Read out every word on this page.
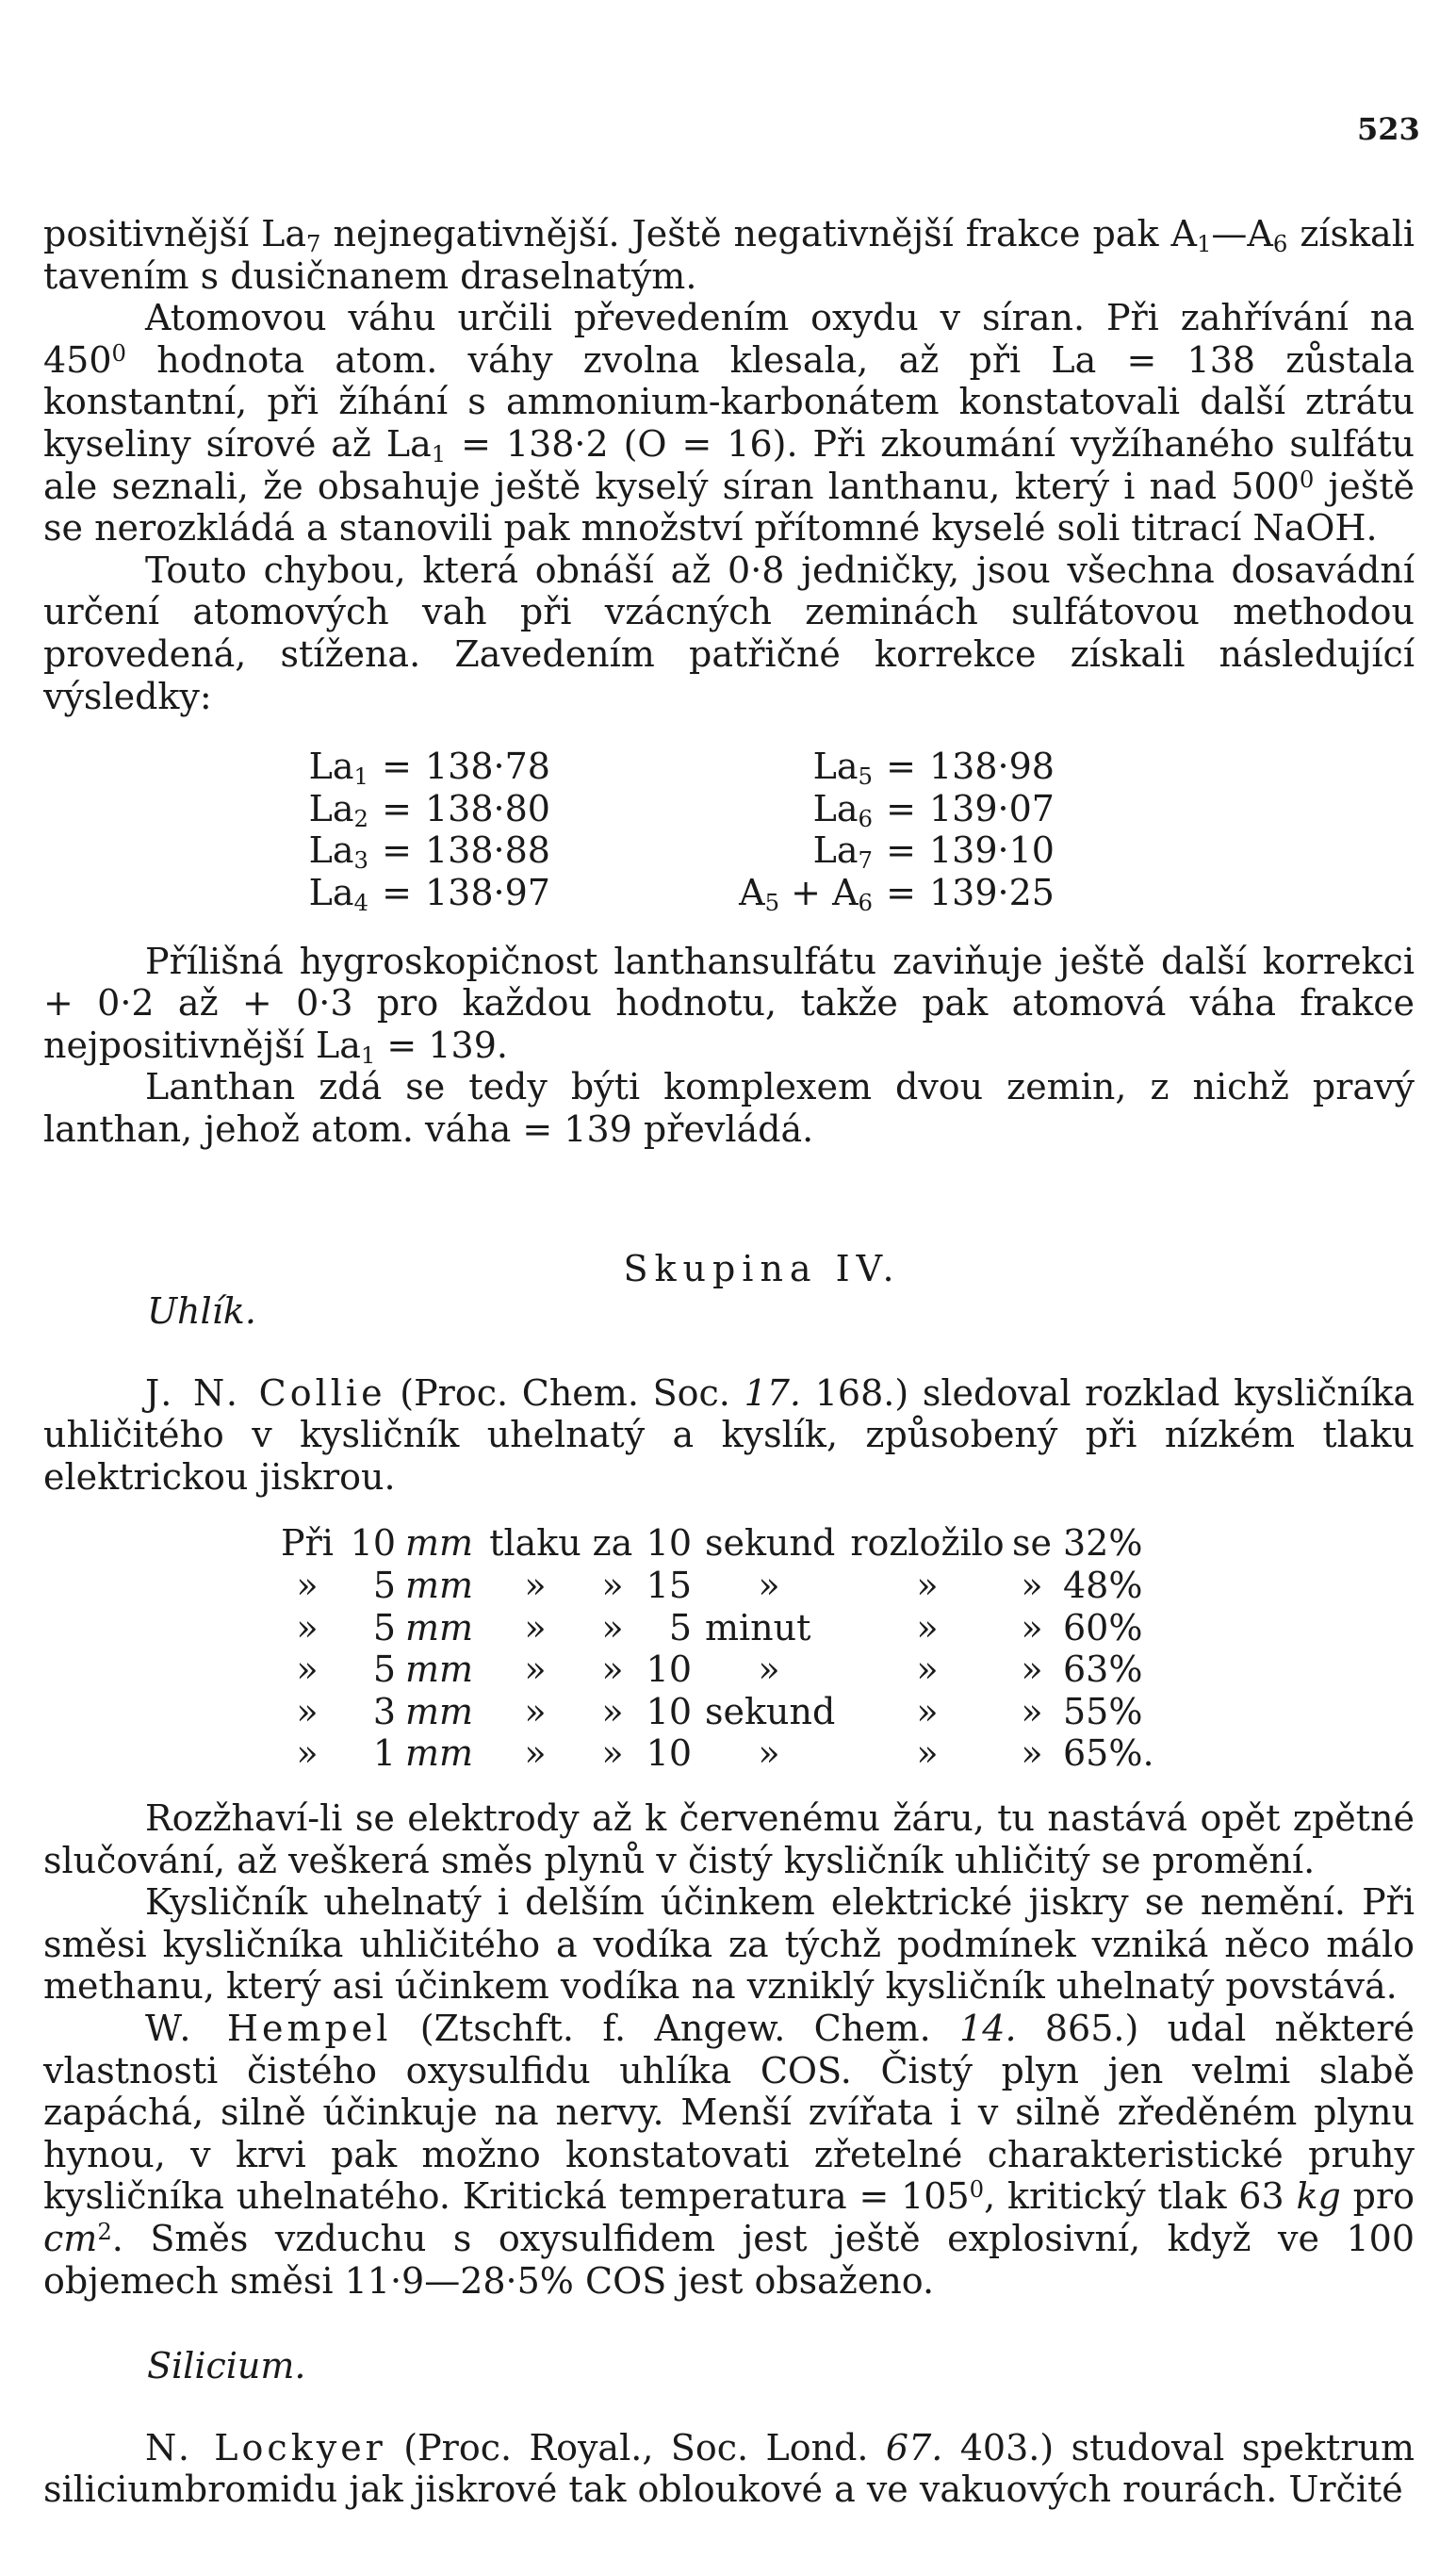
523

positivnější $La_7$ nejnegativnější. Ještě negativnější frakce pak $A_1—A_6$ získali tavením s dusičnanem draselnatým.

Atomovou váhu určili převedením oxydu v síran. Při zahřívání na $450^0$ hodnota atom. váhy zvolna klesala, až při La = 138 zůstala konstantní, při žíhání s ammonium-karbonátem konstatovali další ztrátu kyseliny sírové až $La_1 = 138\cdot 2$ (O = 16). Při zkoumání vyžíhaného sulfátu ale seznali, že obsahuje ještě kyselý síran lanthanu, který i nad $500^0$ ještě se nerozkládá a stanovili pak množství přítomné kyselé soli titrací NaOH.

Touto chybou, která obnáší až 0·8 jedničky, jsou všechna dosavádní určení atomových vah při vzácných zeminách sulfátovou methodou provedená, stížena. Zavedením patřičné korrekce získali následující výsledky:

$La_1$	=	138·78		$La_5$	=	138·98
$La_2$	=	138·80		$La_6$	=	139·07
$La_3$	=	138·88		$La_7$	=	139·10
$La_4$	=	138·97		$A_5 + A_6$	=	139·25

Přílišná hygroskopičnost lanthansulfátu zaviňuje ještě další korrekci + 0·2 až + 0·3 pro každou hodnotu, takže pak atomová váha frakce nejpositivnější $La_1 = 139$.

Lanthan zdá se tedy býti komplexem dvou zemin, z nichž pravý lanthan, jehož atom. váha = 139 převládá.

Skupina IV.
Uhlík.

J. N. Collie (Proc. Chem. Soc. 17. 168.) sledoval rozklad kysličníka uhličitého v kysličník uhelnatý a kyslík, způsobený při nízkém tlaku elektrickou jiskrou.

Při	10	mm	tlaku	za	10	sekund	rozložilo	se	32%
»	5	mm	»	»	15	»	»	»	48%
»	5	mm	»	»	5	minut	»	»	60%
»	5	mm	»	»	10	»	»	»	63%
»	3	mm	»	»	10	sekund	»	»	55%
»	1	mm	»	»	10	»	»	»	65%.

Rozžhaví-li se elektrody až k červenému žáru, tu nastává opět zpětné slučování, až veškerá směs plynů v čistý kysličník uhličitý se promění.

Kysličník uhelnatý i delším účinkem elektrické jiskry se nemění. Při směsi kysličníka uhličitého a vodíka za týchž podmínek vzniká něco málo methanu, který asi účinkem vodíka na vzniklý kysličník uhelnatý povstává.

W. Hempel (Ztschft. f. Angew. Chem. 14. 865.) udal některé vlastnosti čistého oxysulfidu uhlíka COS. Čistý plyn jen velmi slabě zapáchá, silně účinkuje na nervy. Menší zvířata i v silně zředěném plynu hynou, v krvi pak možno konstatovati zřetelné charakteristické pruhy kysličníka uhelnatého. Kritická temperatura = $105^0$, kritický tlak 63 kg pro $cm^2$. Směs vzduchu s oxysulfidem jest ještě explosivní, když ve 100 objemech směsi 11·9—28·5% COS jest obsaženo.

Silicium.

N. Lockyer (Proc. Royal., Soc. Lond. 67. 403.) studoval spektrum siliciumbromidu jak jiskrové tak obloukové a ve vakuových rourách. Určité
